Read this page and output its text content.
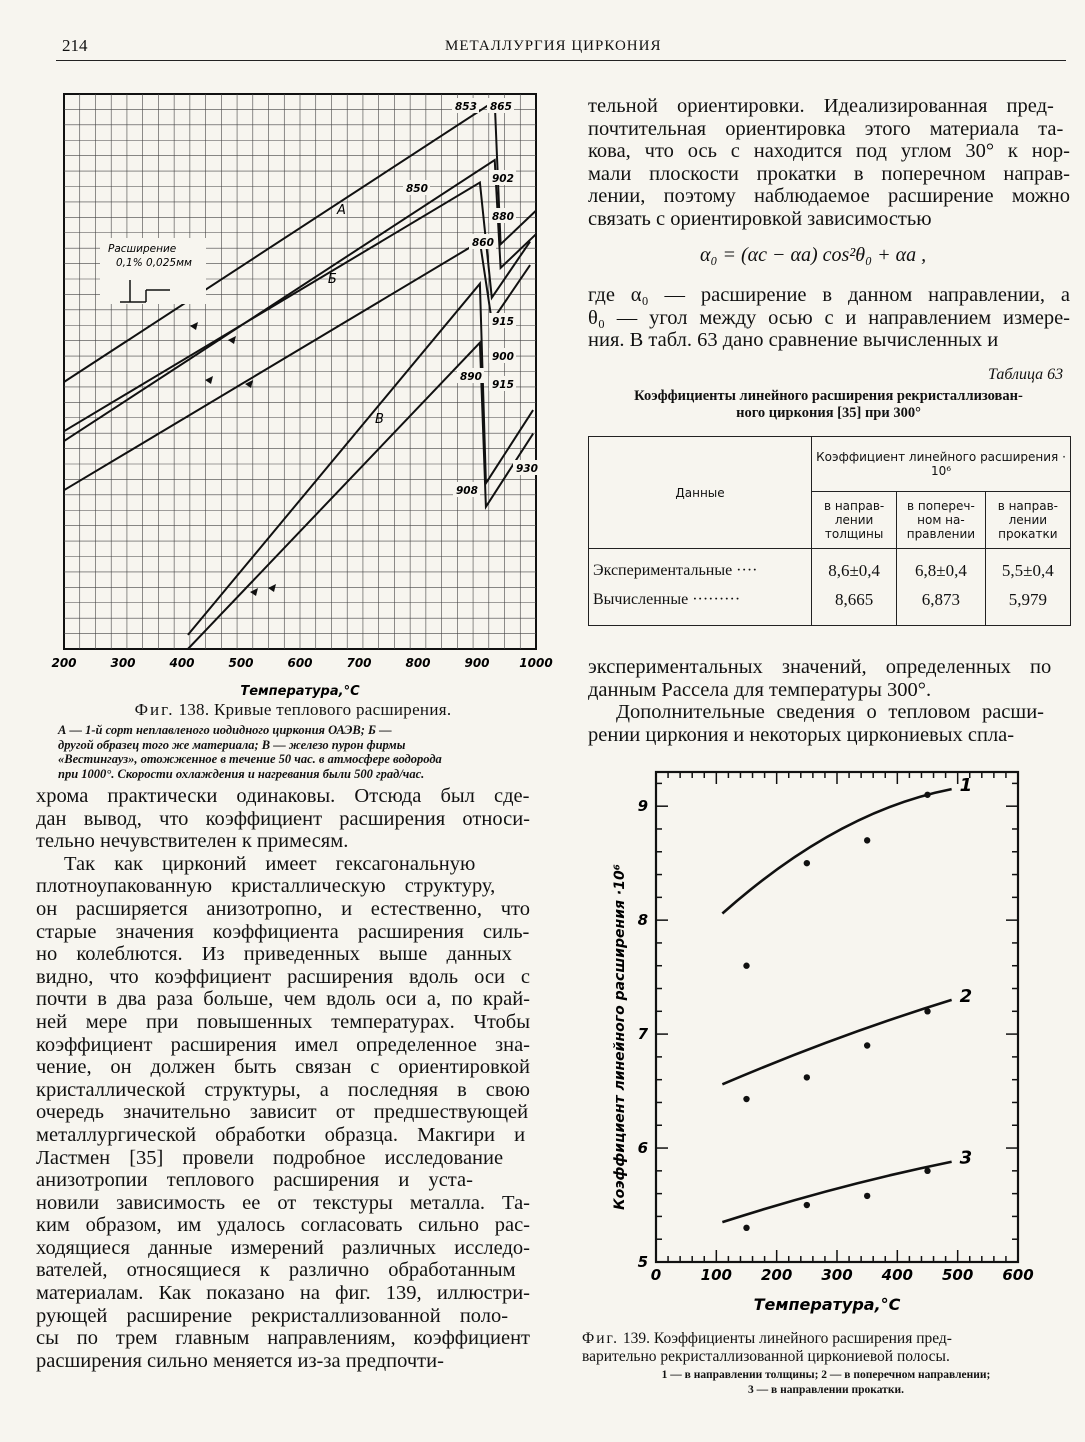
214	МЕТАЛЛУРГИЯ ЦИРКОНИЯ
200	300	400	500	600	700	800	900 1000
Температура,°С
А
Б
В
853 865
902
850
880
860
915
900
890
915
908
930
Расширение
0,1% 0,025мм
Фиг. 138. Кривые теплового расширения.
А — 1-й сорт неплавленого иодидного циркония ОАЭВ; Б —
другой образец того же материала; В — железо пурон фирмы
«Вестингауз», отожженное в течение 50 час. в атмосфере водорода
при 1000°. Скорости охлаждения и нагревания были 500 град/час.
хрома практически одинаковы. Отсюда был сде-
дан вывод, что коэффициент расширения относи-
тельно нечувствителен к примесям.
Так как цирконий имеет гексагональную
плотноупакованную кристаллическую структуру,
он расширяется анизотропно, и естественно, что
старые значения коэффициента расширения силь-
но колеблются. Из приведенных выше данных
видно, что коэффициент расширения вдоль оси c
почти в два раза больше, чем вдоль оси a, по край-
ней мере при повышенных температурах. Чтобы
коэффициент расширения имел определенное зна-
чение, он должен быть связан с ориентировкой
кристаллической структуры, а последняя в свою
очередь значительно зависит от предшествующей
металлургической обработки образца. Макгири и
Ластмен [35] провели подробное исследование
анизотропии теплового расширения и уста-
новили зависимость ее от текстуры металла. Та-
ким образом, им удалось согласовать сильно рас-
ходящиеся данные измерений различных исследо-
вателей, относящиеся к различно обработанным
материалам. Как показано на фиг. 139, иллюстри-
рующей расширение рекристаллизованной поло-
сы по трем главным направлениям, коэффициент
расширения сильно меняется из-за предпочти-
тельной ориентировки. Идеализированная пред-
почтительная ориентировка этого материала та-
кова, что ось c находится под углом 30° к нор-
мали плоскости прокатки в поперечном направ-
лении, поэтому наблюдаемое расширение можно
связать с ориентировкой зависимостью
α₀ = (αc − αa) cos²θ₀ + αa ,
где α₀ — расширение в данном направлении, а
θ₀ — угол между осью c и направлением измере-
ния. В табл. 63 дано сравнение вычисленных и
Таблица 63
Коэффициенты линейного расширения рекристаллизован-
ного циркония [35] при 300°
Данные	Коэффициент линейного расширения · 10⁶		
	в направ-лении толщины	в попереч-ном на-правлении	в направ-лении прокатки
Экспериментальные ····	8,6±0,4	6,8±0,4	5,5±0,4
Вычисленные ·········	8,665	6,873	5,979
экспериментальных значений, определенных по
данным Рассела для температуры 300°.
Дополнительные сведения о тепловом расши-
рении циркония и некоторых циркониевых спла-
0	100 200 300 400 500 600
5
6
7
8
9
Температура,°С
Коэффициент линейного расширения ·10⁶
1
2
3
Фиг. 139. Коэффициенты линейного расширения пред-
варительно рекристаллизованной циркониевой полосы.
1 — в направлении толщины; 2 — в поперечном направлении;
3 — в направлении прокатки.
